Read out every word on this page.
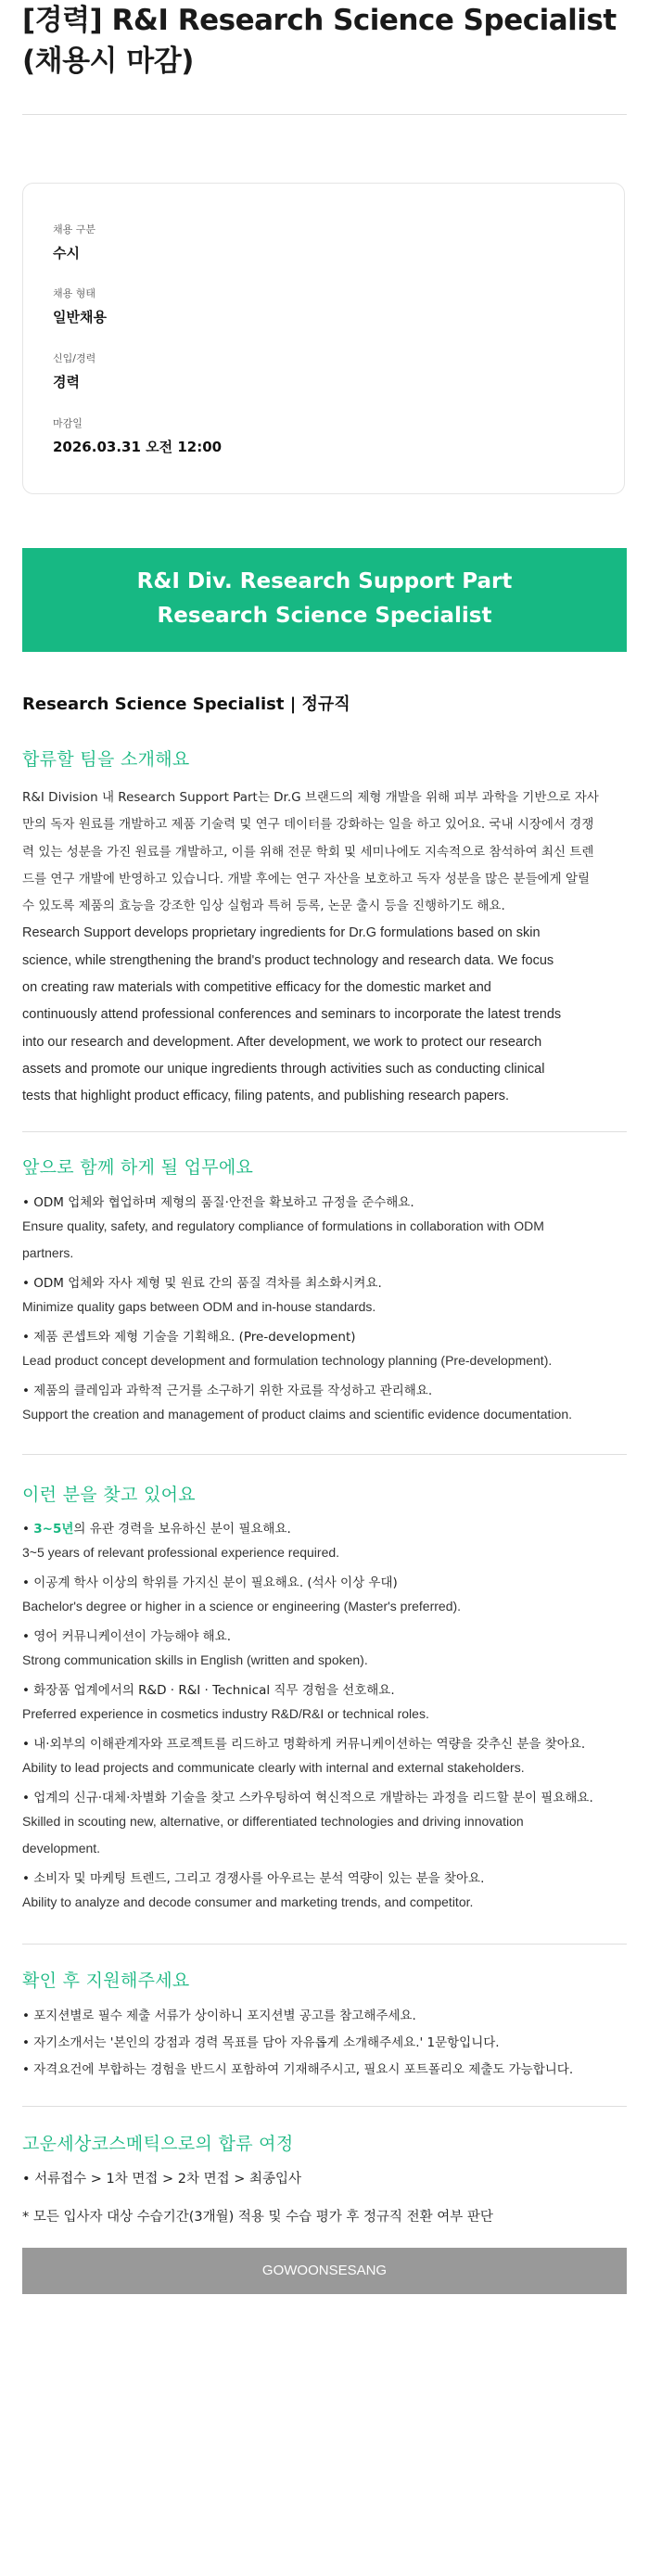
[경력] R&I Research Science Specialist (채용시 마감)
채용 구분
수시
채용 형태
일반채용
신입/경력
경력
마감일
2026.03.31 오전 12:00
R&I Div. Research Support Part
Research Science Specialist
Research Science Specialist | 정규직
합류할 팀을 소개해요
R&I Division 내 Research Support Part는 Dr.G 브랜드의 제형 개발을 위해 피부 과학을 기반으로 자사
만의 독자 원료를 개발하고 제품 기술력 및 연구 데이터를 강화하는 일을 하고 있어요. 국내 시장에서 경쟁
력 있는 성분을 가진 원료를 개발하고, 이를 위해 전문 학회 및 세미나에도 지속적으로 참석하여 최신 트렌
드를 연구 개발에 반영하고 있습니다. 개발 후에는 연구 자산을 보호하고 독자 성분을 많은 분들에게 알릴
수 있도록 제품의 효능을 강조한 임상 실험과 특허 등록, 논문 출시 등을 진행하기도 해요.
Research Support develops proprietary ingredients for Dr.G formulations based on skin
science, while strengthening the brand's product technology and research data. We focus
on creating raw materials with competitive efficacy for the domestic market and
continuously attend professional conferences and seminars to incorporate the latest trends
into our research and development. After development, we work to protect our research
assets and promote our unique ingredients through activities such as conducting clinical
tests that highlight product efficacy, filing patents, and publishing research papers.
앞으로 함께 하게 될 업무에요
• ODM 업체와 협업하며 제형의 품질·안전을 확보하고 규정을 준수해요.
Ensure quality, safety, and regulatory compliance of formulations in collaboration with ODM
partners.
• ODM 업체와 자사 제형 및 원료 간의 품질 격차를 최소화시켜요.
Minimize quality gaps between ODM and in-house standards.
• 제품 콘셉트와 제형 기술을 기획해요. (Pre-development)
Lead product concept development and formulation technology planning (Pre-development).
• 제품의 클레임과 과학적 근거를 소구하기 위한 자료를 작성하고 관리해요.
Support the creation and management of product claims and scientific evidence documentation.
이런 분을 찾고 있어요
• 3~5년의 유관 경력을 보유하신 분이 필요해요.
3~5 years of relevant professional experience required.
• 이공계 학사 이상의 학위를 가지신 분이 필요해요. (석사 이상 우대)
Bachelor's degree or higher in a science or engineering (Master's preferred).
• 영어 커뮤니케이션이 가능해야 해요.
Strong communication skills in English (written and spoken).
• 화장품 업계에서의 R&D · R&I · Technical 직무 경험을 선호해요.
Preferred experience in cosmetics industry R&D/R&I or technical roles.
• 내·외부의 이해관계자와 프로젝트를 리드하고 명확하게 커뮤니케이션하는 역량을 갖추신 분을 찾아요.
Ability to lead projects and communicate clearly with internal and external stakeholders.
• 업계의 신규·대체·차별화 기술을 찾고 스카우팅하여 혁신적으로 개발하는 과정을 리드할 분이 필요해요.
Skilled in scouting new, alternative, or differentiated technologies and driving innovation
development.
• 소비자 및 마케팅 트렌드, 그리고 경쟁사를 아우르는 분석 역량이 있는 분을 찾아요.
Ability to analyze and decode consumer and marketing trends, and competitor.
확인 후 지원해주세요
• 포지션별로 필수 제출 서류가 상이하니 포지션별 공고를 참고해주세요.
• 자기소개서는 '본인의 강점과 경력 목표를 담아 자유롭게 소개해주세요.' 1문항입니다.
• 자격요건에 부합하는 경험을 반드시 포함하여 기재해주시고, 필요시 포트폴리오 제출도 가능합니다.
고운세상코스메틱으로의 합류 여정
• 서류접수 > 1차 면접 > 2차 면접 > 최종입사
* 모든 입사자 대상 수습기간(3개월) 적용 및 수습 평가 후 정규직 전환 여부 판단
GOWOONSESANG
